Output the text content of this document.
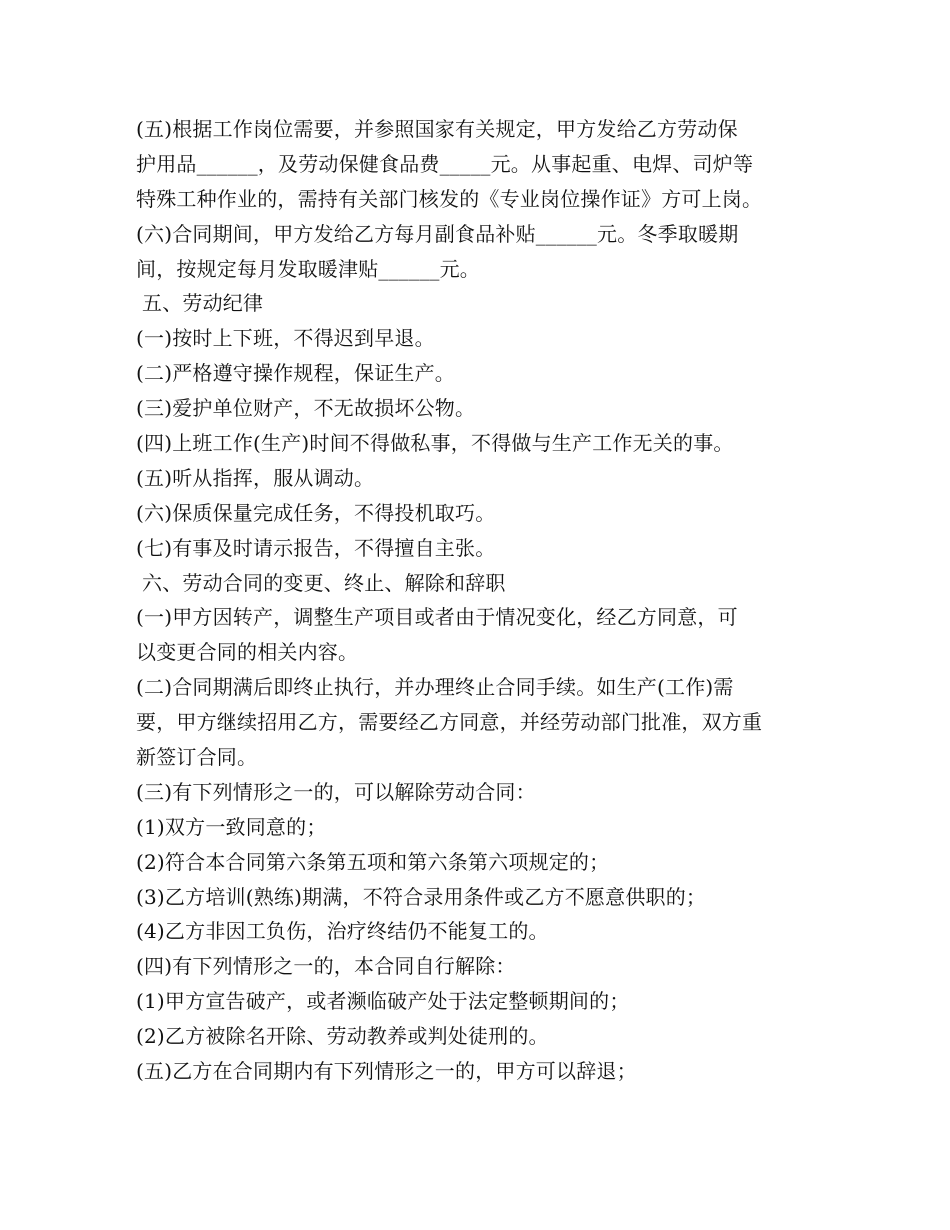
(五)根据工作岗位需要，并参照国家有关规定，甲方发给乙方劳动保
护用品______，及劳动保健食品费_____元。从事起重、电焊、司炉等
特殊工种作业的，需持有关部门核发的《专业岗位操作证》方可上岗。
(六)合同期间，甲方发给乙方每月副食品补贴______元。冬季取暖期
间，按规定每月发取暖津贴______元。
五、劳动纪律
(一)按时上下班，不得迟到早退。
(二)严格遵守操作规程，保证生产。
(三)爱护单位财产，不无故损坏公物。
(四)上班工作(生产)时间不得做私事，不得做与生产工作无关的事。
(五)听从指挥，服从调动。
(六)保质保量完成任务，不得投机取巧。
(七)有事及时请示报告，不得擅自主张。
六、劳动合同的变更、终止、解除和辞职
(一)甲方因转产，调整生产项目或者由于情况变化，经乙方同意，可
以变更合同的相关内容。
(二)合同期满后即终止执行，并办理终止合同手续。如生产(工作)需
要，甲方继续招用乙方，需要经乙方同意，并经劳动部门批准，双方重
新签订合同。
(三)有下列情形之一的，可以解除劳动合同：
(1)双方一致同意的；
(2)符合本合同第六条第五项和第六条第六项规定的；
(3)乙方培训(熟练)期满，不符合录用条件或乙方不愿意供职的；
(4)乙方非因工负伤，治疗终结仍不能复工的。
(四)有下列情形之一的，本合同自行解除：
(1)甲方宣告破产，或者濒临破产处于法定整顿期间的；
(2)乙方被除名开除、劳动教养或判处徒刑的。
(五)乙方在合同期内有下列情形之一的，甲方可以辞退；
